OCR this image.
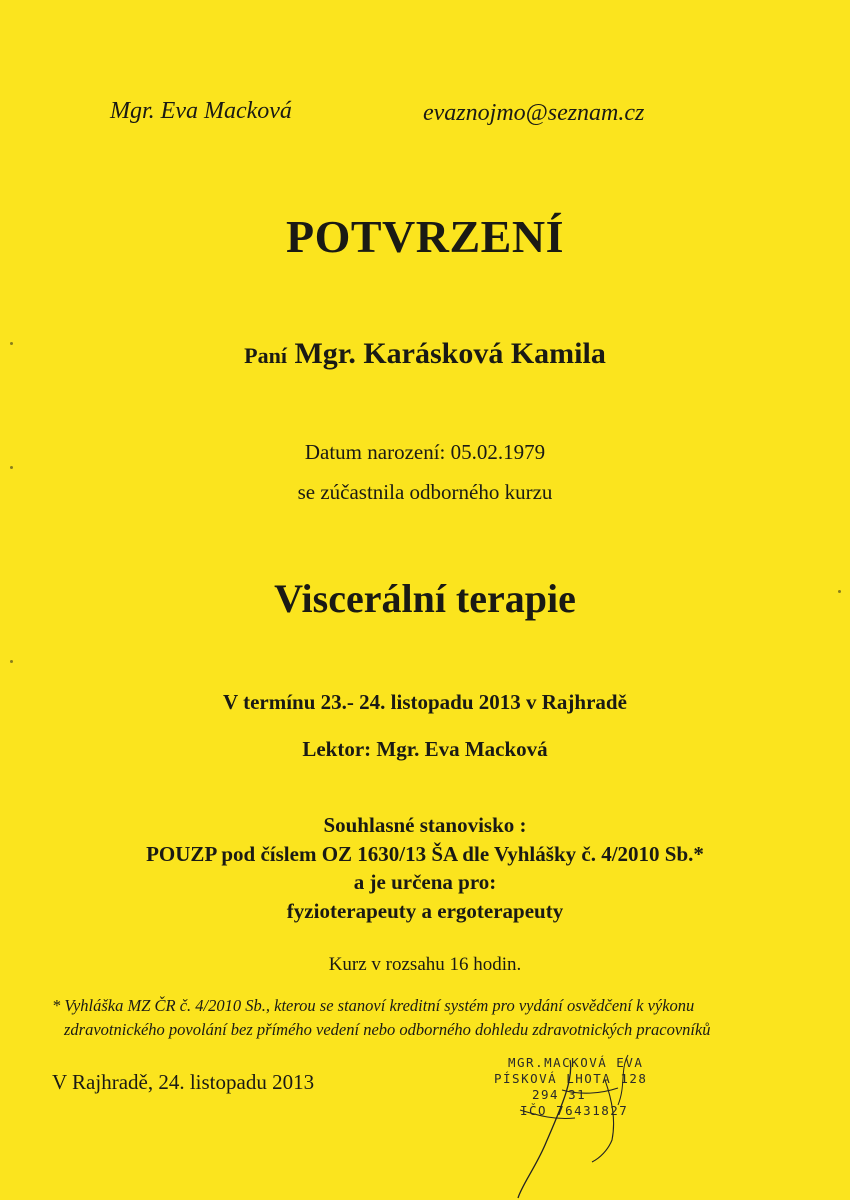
Mgr. Eva Macková	evaznojmo@seznam.cz
POTVRZENÍ
Paní Mgr. Karásková Kamila
Datum narození: 05.02.1979
se zúčastnila odborného kurzu
Viscerální terapie
V termínu 23.- 24. listopadu 2013 v Rajhradě
Lektor: Mgr. Eva Macková
Souhlasné stanovisko :
POUZP pod číslem OZ 1630/13 ŠA dle Vyhlášky č. 4/2010 Sb.*
a je určena pro:
fyzioterapeuty a ergoterapeuty
Kurz v rozsahu 16 hodin.
* Vyhláška MZ ČR č. 4/2010 Sb., kterou se stanoví kreditní systém pro vydání osvědčení k výkonu
zdravotnického povolání bez přímého vedení nebo odborného dohledu zdravotnických pracovníků
V Rajhradě, 24. listopadu 2013
MGR.MACKOVÁ EVA
PÍSKOVÁ LHOTA 128
294 31
IČO 76431827
